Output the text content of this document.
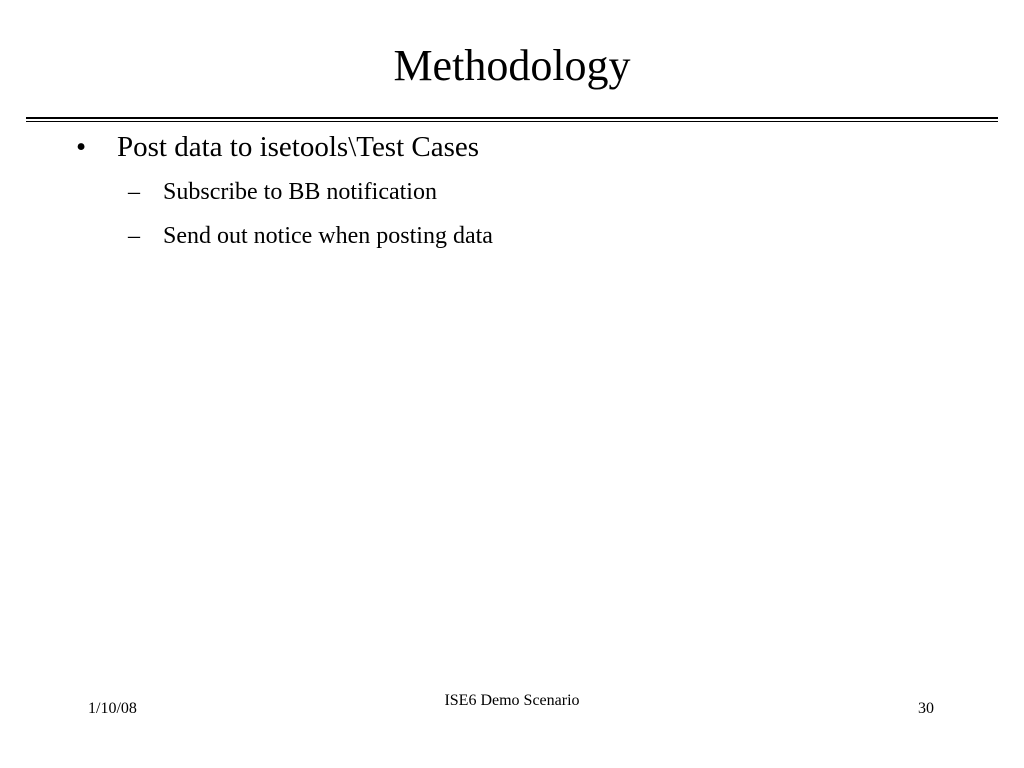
Methodology
•	Post data to isetools\Test Cases
– Subscribe to BB notification
– Send out notice when posting data
1/10/08	ISE6 Demo Scenario	30
